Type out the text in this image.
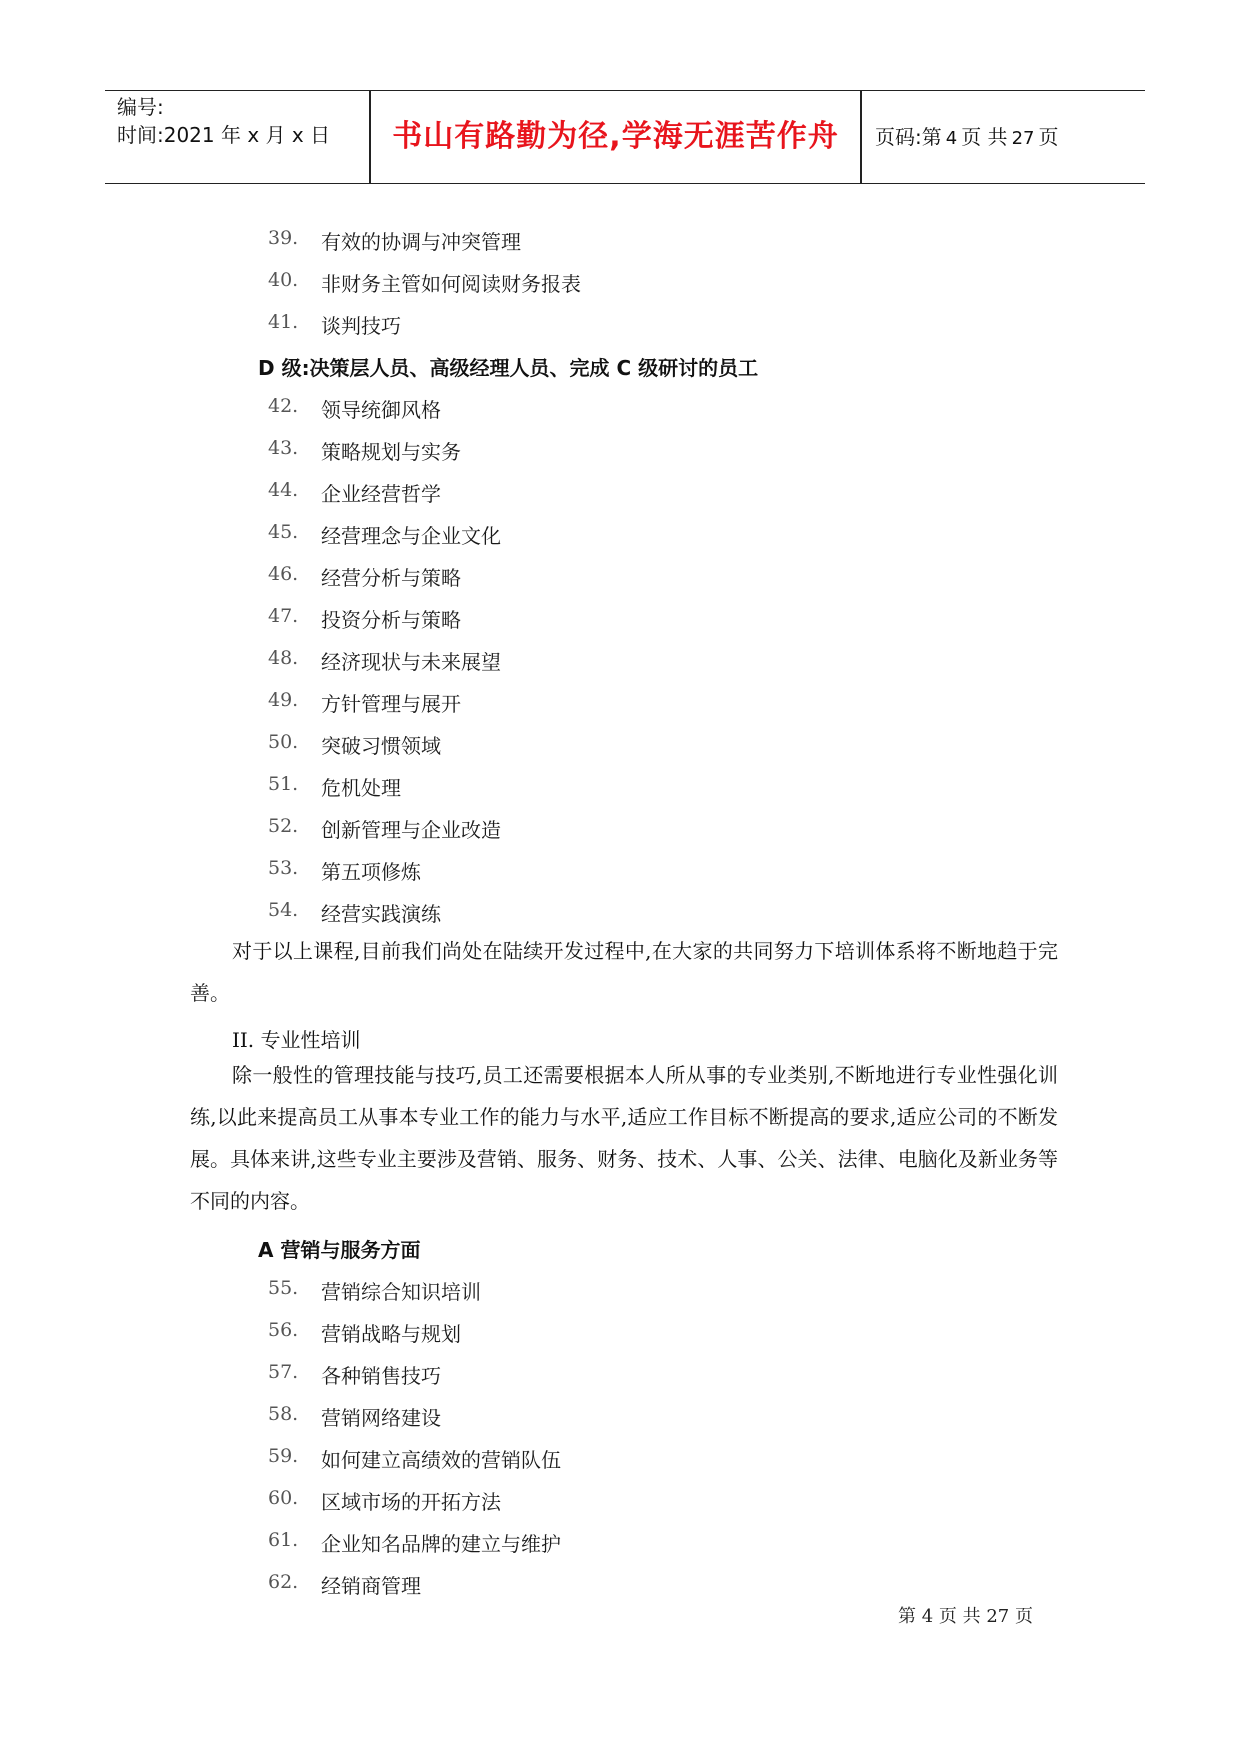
编号:
时间:2021 年 x 月 x 日	书山有路勤为径,学海无涯苦作舟	页码:第 4 页 共 27 页
39. 有效的协调与冲突管理
40. 非财务主管如何阅读财务报表
41. 谈判技巧
D 级:决策层人员、高级经理人员、完成 C 级研讨的员工
42. 领导统御风格
43. 策略规划与实务
44. 企业经营哲学
45. 经营理念与企业文化
46. 经营分析与策略
47. 投资分析与策略
48. 经济现状与未来展望
49. 方针管理与展开
50. 突破习惯领域
51. 危机处理
52. 创新管理与企业改造
53. 第五项修炼
54. 经营实践演练
对于以上课程,目前我们尚处在陆续开发过程中,在大家的共同努力下培训体系将不断地趋于完善。
II. 专业性培训
除一般性的管理技能与技巧,员工还需要根据本人所从事的专业类别,不断地进行专业性强化训练,以此来提高员工从事本专业工作的能力与水平,适应工作目标不断提高的要求,适应公司的不断发展。具体来讲,这些专业主要涉及营销、服务、财务、技术、人事、公关、法律、电脑化及新业务等不同的内容。
A 营销与服务方面
55. 营销综合知识培训
56. 营销战略与规划
57. 各种销售技巧
58. 营销网络建设
59. 如何建立高绩效的营销队伍
60. 区域市场的开拓方法
61. 企业知名品牌的建立与维护
62. 经销商管理
第 4 页 共 27 页
